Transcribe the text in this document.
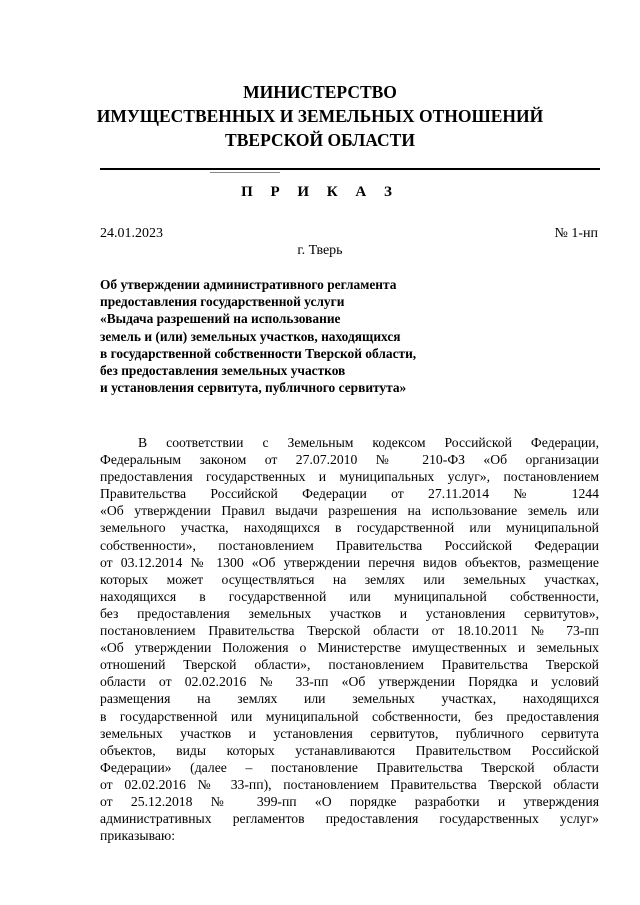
МИНИСТЕРСТВО
ИМУЩЕСТВЕННЫХ И ЗЕМЕЛЬНЫХ ОТНОШЕНИЙ
ТВЕРСКОЙ ОБЛАСТИ
П Р И К А З
24.01.2023	№ 1-нп
г. Тверь
Об утверждении административного регламента
предоставления государственной услуги
«Выдача разрешений на использование
земель и (или) земельных участков, находящихся
в государственной собственности Тверской области,
без предоставления земельных участков
и установления сервитута, публичного сервитута»
В соответствии с Земельным кодексом Российской Федерации,
Федеральным законом от 27.07.2010 № 210-ФЗ «Об организации
предоставления государственных и муниципальных услуг», постановлением
Правительства Российской Федерации от 27.11.2014 № 1244
«Об утверждении Правил выдачи разрешения на использование земель или
земельного участка, находящихся в государственной или муниципальной
собственности», постановлением Правительства Российской Федерации
от 03.12.2014 № 1300 «Об утверждении перечня видов объектов, размещение
которых может осуществляться на землях или земельных участках,
находящихся в государственной или муниципальной собственности,
без предоставления земельных участков и установления сервитутов»,
постановлением Правительства Тверской области от 18.10.2011 № 73-пп
«Об утверждении Положения о Министерстве имущественных и земельных
отношений Тверской области», постановлением Правительства Тверской
области от 02.02.2016 № 33-пп «Об утверждении Порядка и условий
размещения на землях или земельных участках, находящихся
в государственной или муниципальной собственности, без предоставления
земельных участков и установления сервитутов, публичного сервитута
объектов, виды которых устанавливаются Правительством Российской
Федерации» (далее – постановление Правительства Тверской области
от 02.02.2016 № 33-пп), постановлением Правительства Тверской области
от 25.12.2018 № 399-пп «О порядке разработки и утверждения
административных регламентов предоставления государственных услуг»
приказываю:
